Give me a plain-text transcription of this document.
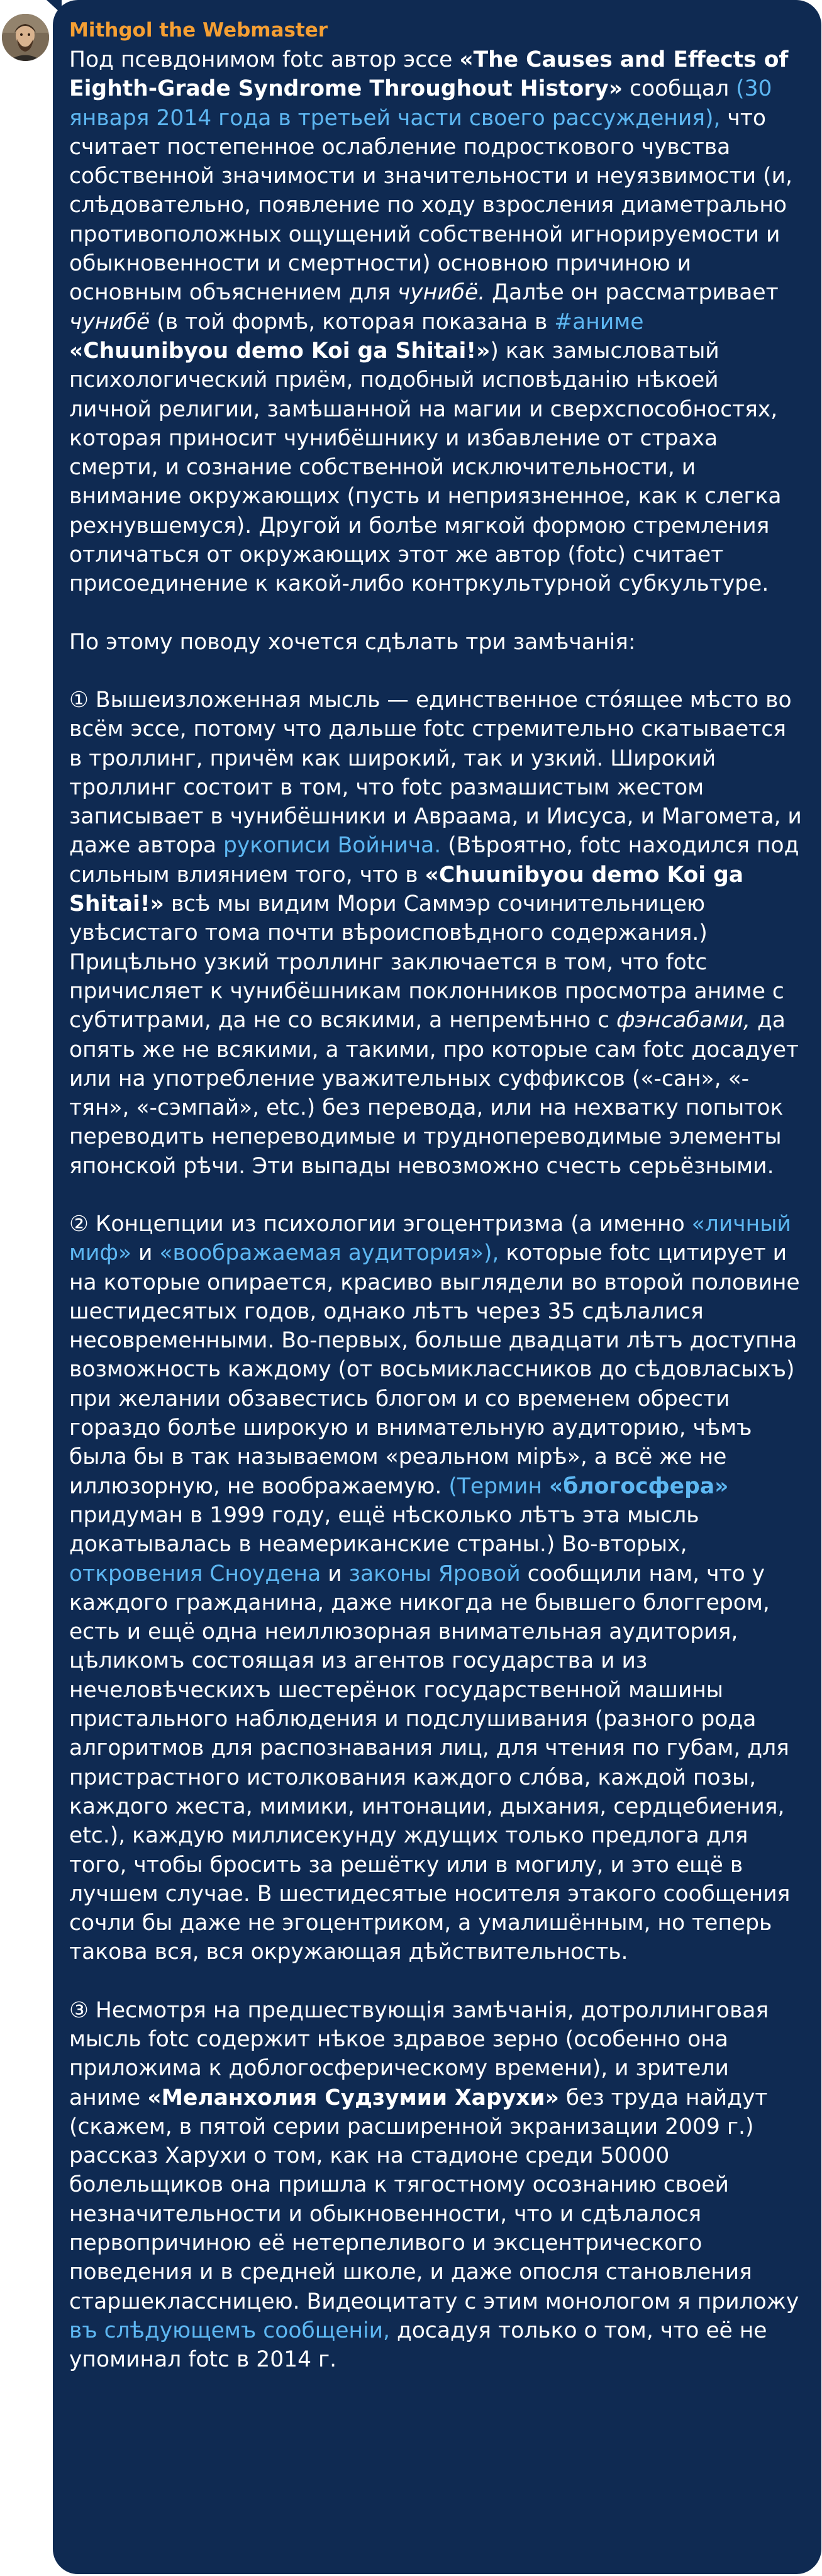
Mithgol the Webmaster

Под псевдонимом fotc автор эссе «The Causes and Effects of Eighth-Grade Syndrome Throughout History» сообщал (30 января 2014 года в третьей части своего рассуждения), что считает постепенное ослабление подросткового чувства собственной значимости и значительности и неуязвимости (и, слѣдовательно, появление по ходу взросления диаметрально противоположных ощущений собственной игнорируемости и обыкновенности и смертности) основною причиною и основным объяснением для чунибё. Далѣе он рассматривает чунибё (в той формѣ, которая показана в #аниме «Chuunibyou demo Koi ga Shitai!») как замысловатый психологический приём, подобный исповѣданію нѣкоей личной религии, замѣшанной на магии и сверхспособностях, которая приносит чунибёшнику и избавление от страха смерти, и сознание собственной исключительности, и внимание окружающих (пусть и неприязненное, как к слегка рехнувшемуся). Другой и болѣе мягкой формою стремления отличаться от окружающих этот же автор (fotc) считает присоединение к какой-либо контркультурной субкультуре.

По этому поводу хочется сдѣлать три замѣчанія:

① Вышеизложенная мысль — единственное сто́ящее мѣсто во всём эссе, потому что дальше fotc стремительно скатывается в троллинг, причём как широкий, так и узкий. Широкий троллинг состоит в том, что fotc размашистым жестом записывает в чунибёшники и Авраама, и Иисуса, и Магомета, и даже автора рукописи Войнича. (Вѣроятно, fotc находился под сильным влиянием того, что в «Chuunibyou demo Koi ga Shitai!» всѣ мы видим Мори Саммэр сочинительницею увѣсистаго тома почти вѣроисповѣдного содержания.) Прицѣльно узкий троллинг заключается в том, что fotc причисляет к чунибёшникам поклонников просмотра аниме с субтитрами, да не со всякими, а непремѣнно с фэнсабами, да опять же не всякими, а такими, про которые сам fotc досадует или на употребление уважительных суффиксов («-сан», «-тян», «-сэмпай», etc.) без перевода, или на нехватку попыток переводить непереводимые и труднопереводимые элементы японской рѣчи. Эти выпады невозможно счесть серьёзными.

② Концепции из психологии эгоцентризма (а именно «личный миф» и «воображаемая аудитория»), которые fotc цитирует и на которые опирается, красиво выглядели во второй половине шестидесятых годов, однако лѣтъ через 35 сдѣлалися несовременными. Во-первых, больше двадцати лѣтъ доступна возможность каждому (от восьмиклассников до сѣдовласыхъ) при желании обзавестись блогом и со временем обрести гораздо болѣе широкую и внимательную аудиторию, чѣмъ была бы в так называемом «реальном мірѣ», а всё же не иллюзорную, не воображаемую. (Термин «блогосфера» придуман в 1999 году, ещё нѣсколько лѣтъ эта мысль докатывалась в неамериканские страны.) Во-вторых, откровения Сноудена и законы Яровой сообщили нам, что у каждого гражданина, даже никогда не бывшего блоггером, есть и ещё одна неиллюзорная внимательная аудитория, цѣликомъ состоящая из агентов государства и из нечеловѣческихъ шестерёнок государственной машины пристального наблюдения и подслушивания (разного рода алгоритмов для распознавания лиц, для чтения по губам, для пристрастного истолкования каждого сло́ва, каждой позы, каждого жеста, мимики, интонации, дыхания, сердцебиения, etc.), каждую миллисекунду ждущих только предлога для того, чтобы бросить за решётку или в могилу, и это ещё в лучшем случае. В шестидесятые носителя этакого сообщения сочли бы даже не эгоцентриком, а умалишённым, но теперь такова вся, вся окружающая дѣйствительность.

③ Несмотря на предшествующія замѣчанія, дотроллинговая мысль fotc содержит нѣкое здравое зерно (особенно она приложима к доблогосферическому времени), и зрители аниме «Меланхолия Судзумии Харухи» без труда найдут (скажем, в пятой серии расширенной экранизации 2009 г.) рассказ Харухи о том, как на стадионе среди 50000 болельщиков она пришла к тягостному осознанию своей незначительности и обыкновенности, что и сдѣлалося первопричиною её нетерпеливого и эксцентрического поведения и в средней школе, и даже опосля становления старшеклассницею. Видеоцитату с этим монологом я приложу въ слѣдующемъ сообщеніи, досадуя только о том, что её не упоминал fotc в 2014 г.
